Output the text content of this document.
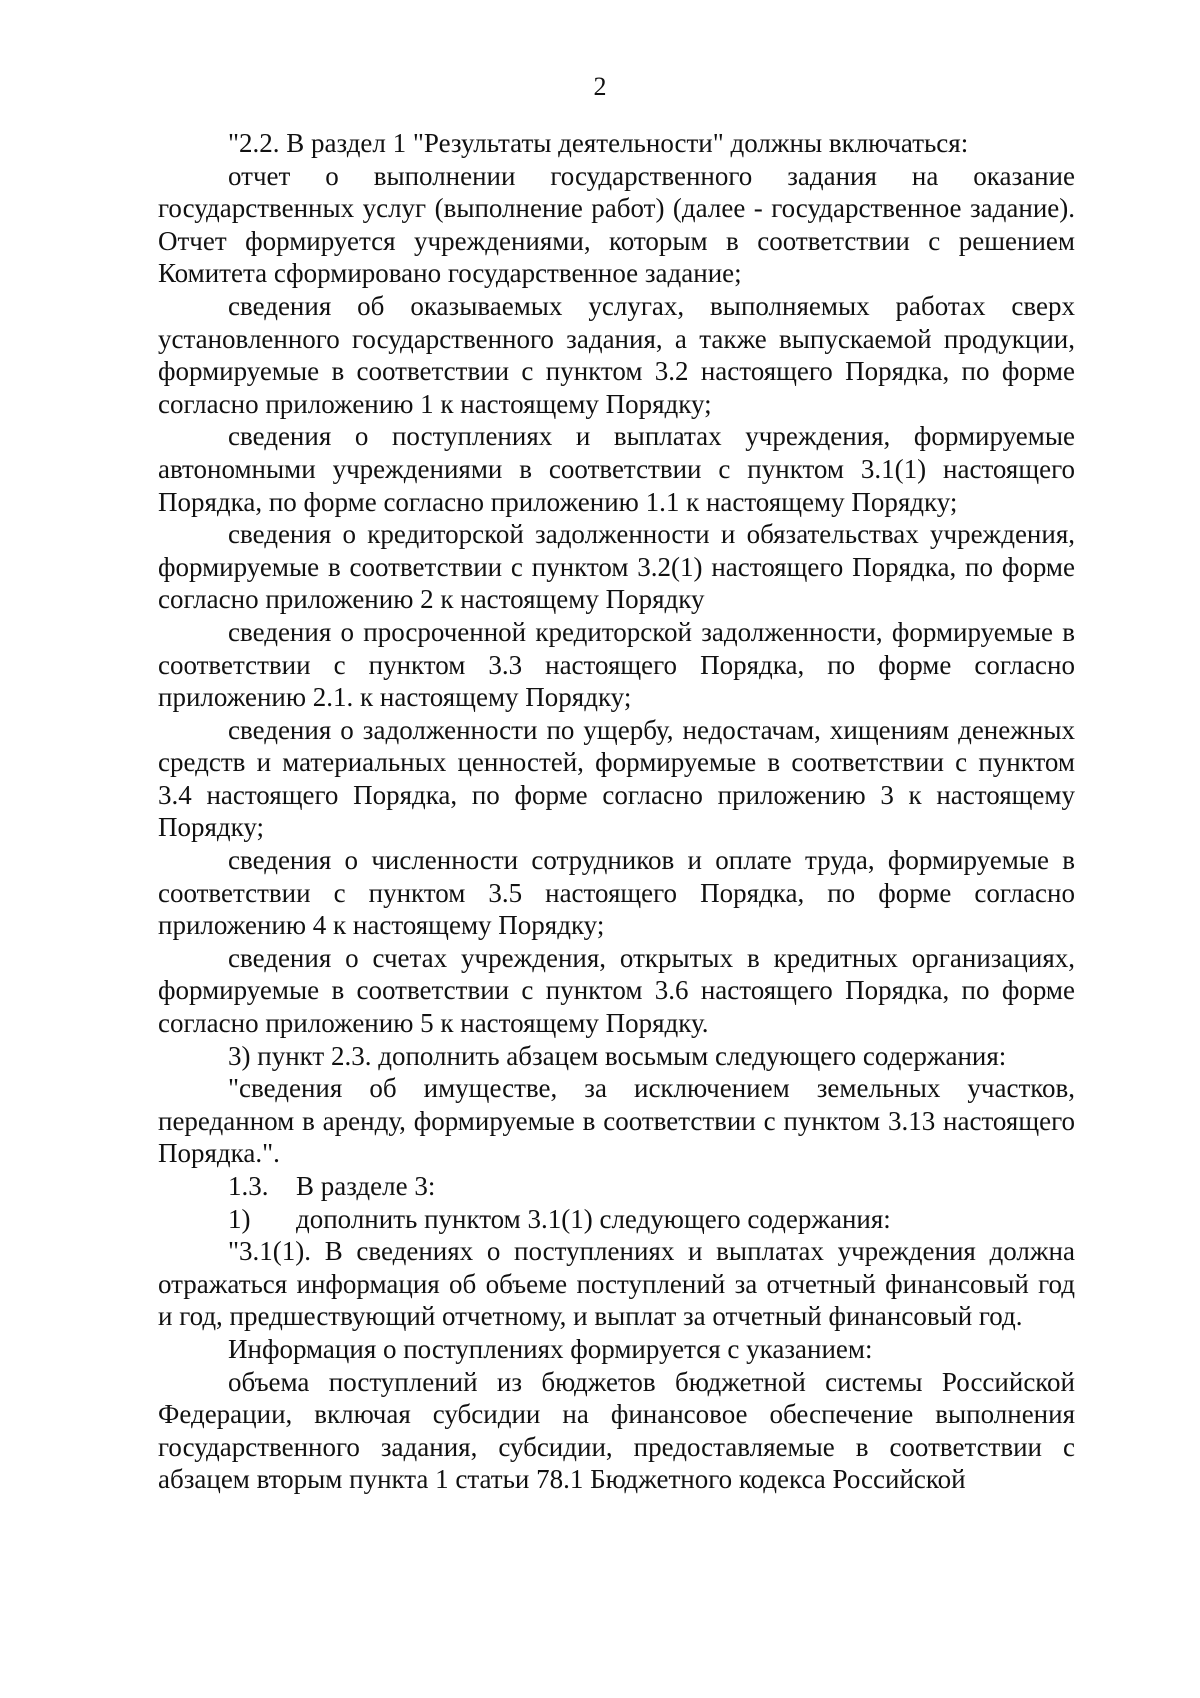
2

"2.2. В раздел 1 "Результаты деятельности" должны включаться:

отчет о выполнении государственного задания на оказание государственных услуг (выполнение работ) (далее - государственное задание). Отчет формируется учреждениями, которым в соответствии с решением Комитета сформировано государственное задание;

сведения об оказываемых услугах, выполняемых работах сверх установленного государственного задания, а также выпускаемой продукции, формируемые в соответствии с пунктом 3.2 настоящего Порядка, по форме согласно приложению 1 к настоящему Порядку;

сведения о поступлениях и выплатах учреждения, формируемые автономными учреждениями в соответствии с пунктом 3.1(1) настоящего Порядка, по форме согласно приложению 1.1 к настоящему Порядку;

сведения о кредиторской задолженности и обязательствах учреждения, формируемые в соответствии с пунктом 3.2(1) настоящего Порядка, по форме согласно приложению 2 к настоящему Порядку

сведения о просроченной кредиторской задолженности, формируемые в соответствии с пунктом 3.3 настоящего Порядка, по форме согласно приложению 2.1. к настоящему Порядку;

сведения о задолженности по ущербу, недостачам, хищениям денежных средств и материальных ценностей, формируемые в соответствии с пунктом 3.4 настоящего Порядка, по форме согласно приложению 3 к настоящему Порядку;

сведения о численности сотрудников и оплате труда, формируемые в соответствии с пунктом 3.5 настоящего Порядка, по форме согласно приложению 4 к настоящему Порядку;

сведения о счетах учреждения, открытых в кредитных организациях, формируемые в соответствии с пунктом 3.6 настоящего Порядка, по форме согласно приложению 5 к настоящему Порядку.

3) пункт 2.3. дополнить абзацем восьмым следующего содержания:

"сведения об имуществе, за исключением земельных участков, переданном в аренду, формируемые в соответствии с пунктом 3.13 настоящего Порядка.".

1.3.	В разделе 3:
1)	дополнить пунктом 3.1(1) следующего содержания:

"3.1(1). В сведениях о поступлениях и выплатах учреждения должна отражаться информация об объеме поступлений за отчетный финансовый год и год, предшествующий отчетному, и выплат за отчетный финансовый год.

Информация о поступлениях формируется с указанием:

объема поступлений из бюджетов бюджетной системы Российской Федерации, включая субсидии на финансовое обеспечение выполнения государственного задания, субсидии, предоставляемые в соответствии с абзацем вторым пункта 1 статьи 78.1 Бюджетного кодекса Российской
